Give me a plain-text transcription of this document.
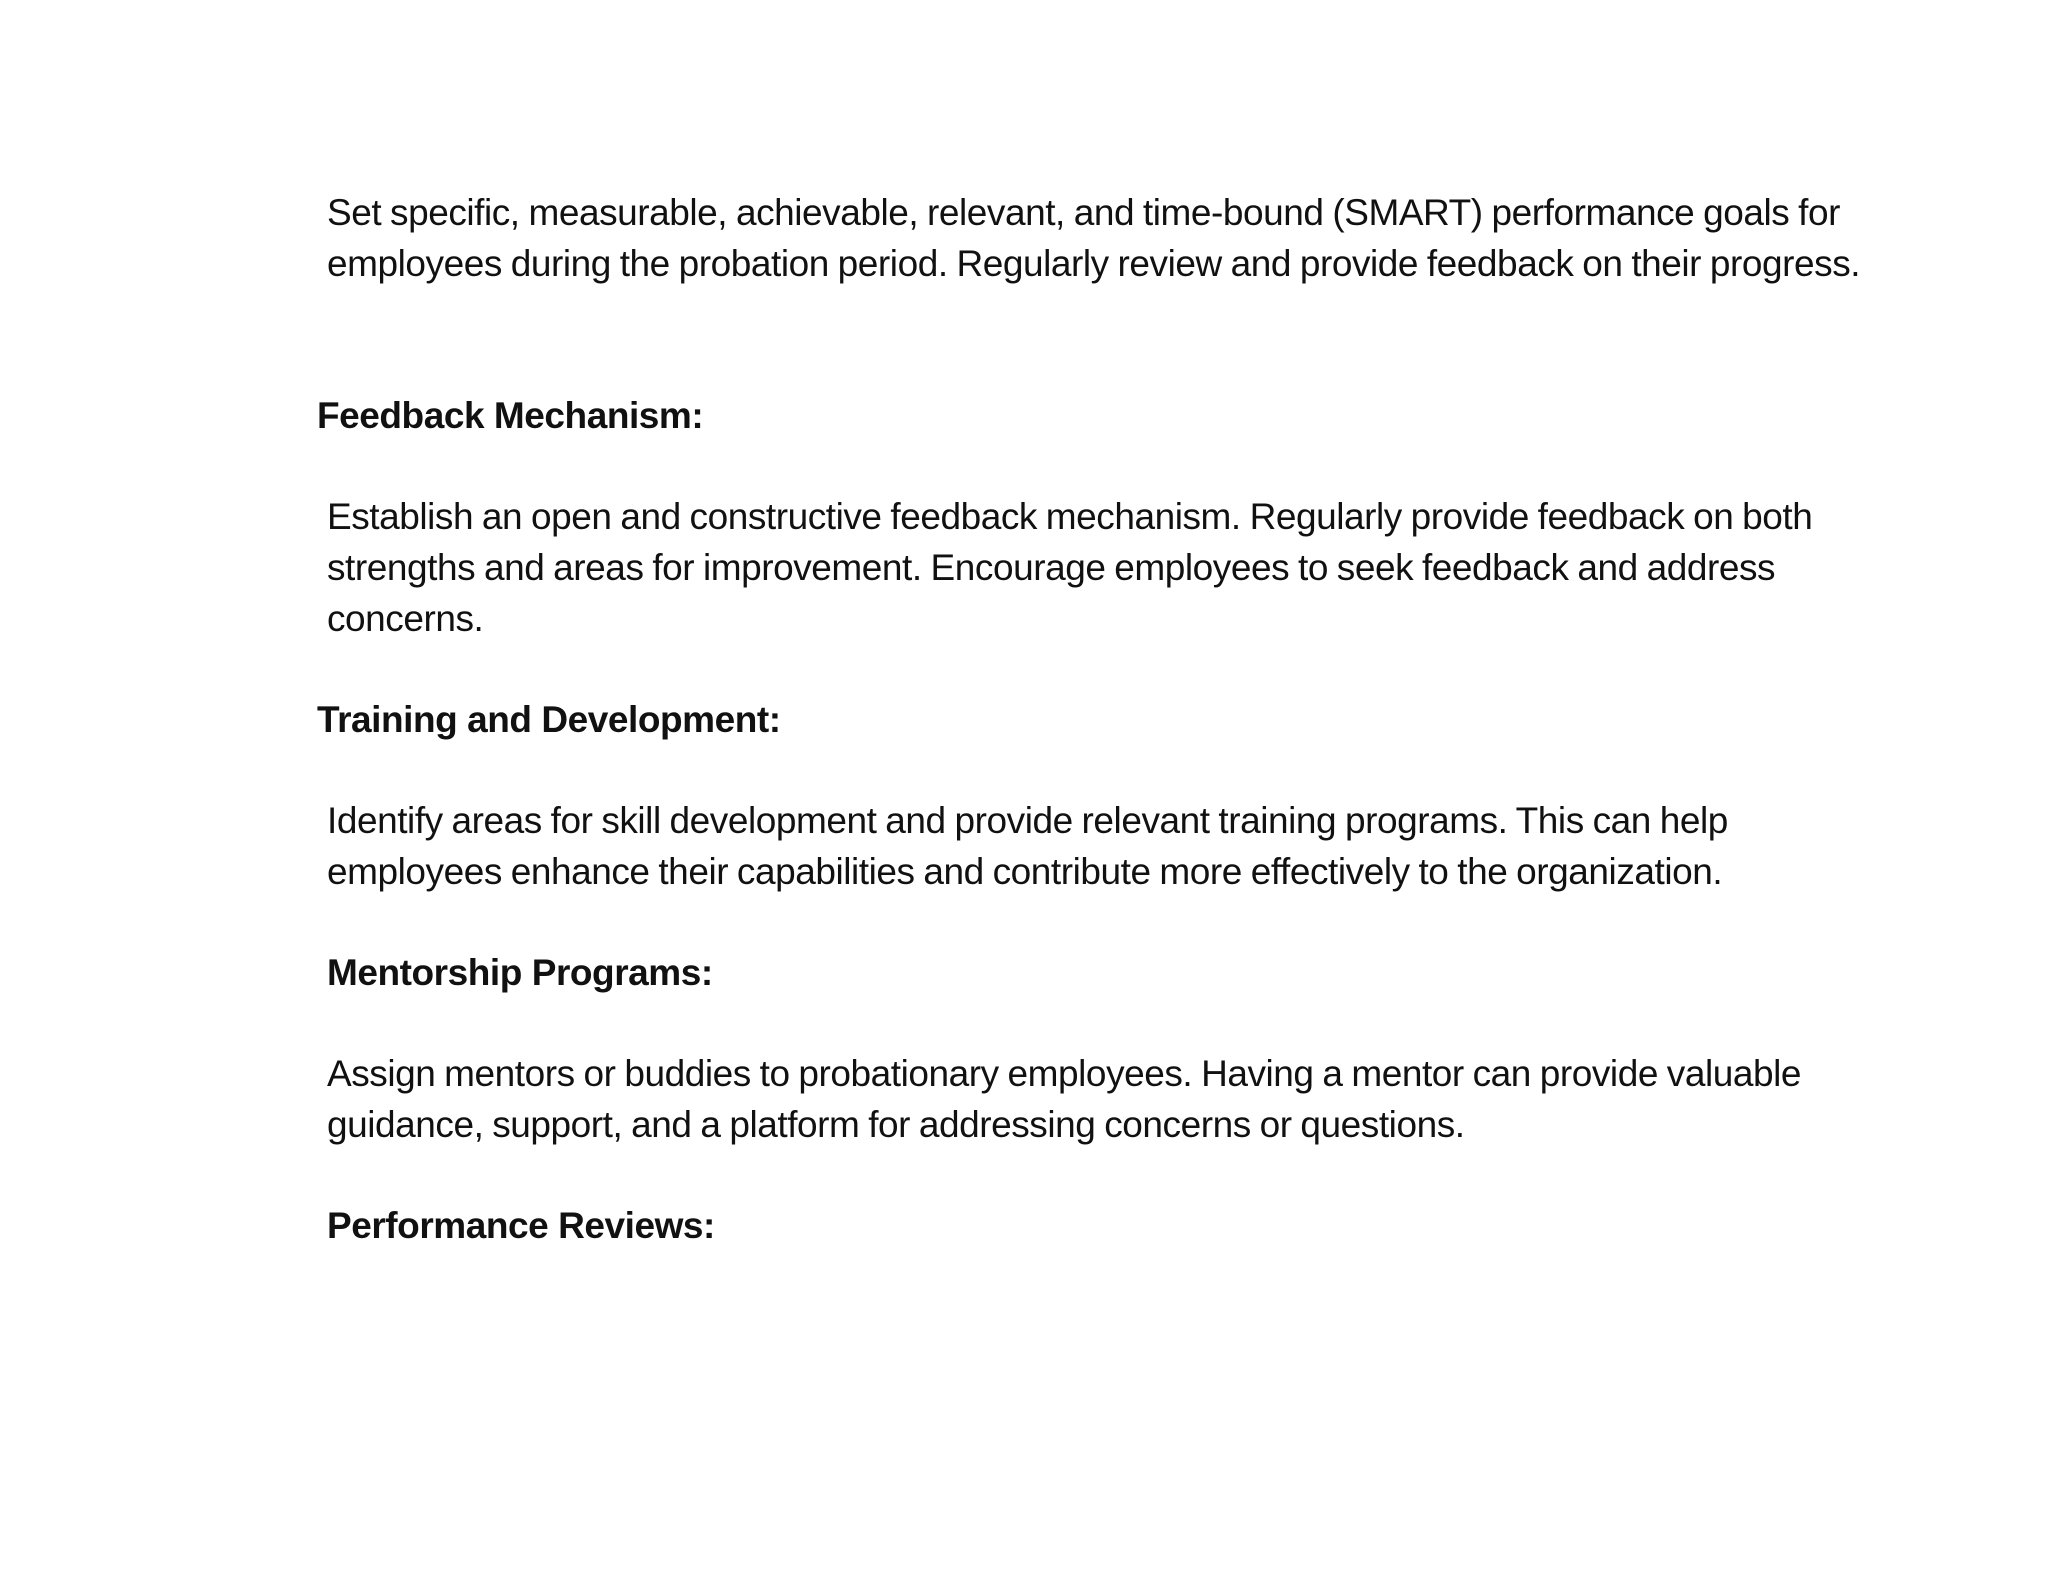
Set specific, measurable, achievable, relevant, and time-bound (SMART) performance goals for employees during the probation period. Regularly review and provide feedback on their progress.

Feedback Mechanism:

Establish an open and constructive feedback mechanism. Regularly provide feedback on both strengths and areas for improvement. Encourage employees to seek feedback and address concerns.

Training and Development:

Identify areas for skill development and provide relevant training programs. This can help employees enhance their capabilities and contribute more effectively to the organization.

Mentorship Programs:

Assign mentors or buddies to probationary employees. Having a mentor can provide valuable guidance, support, and a platform for addressing concerns or questions.

Performance Reviews:
